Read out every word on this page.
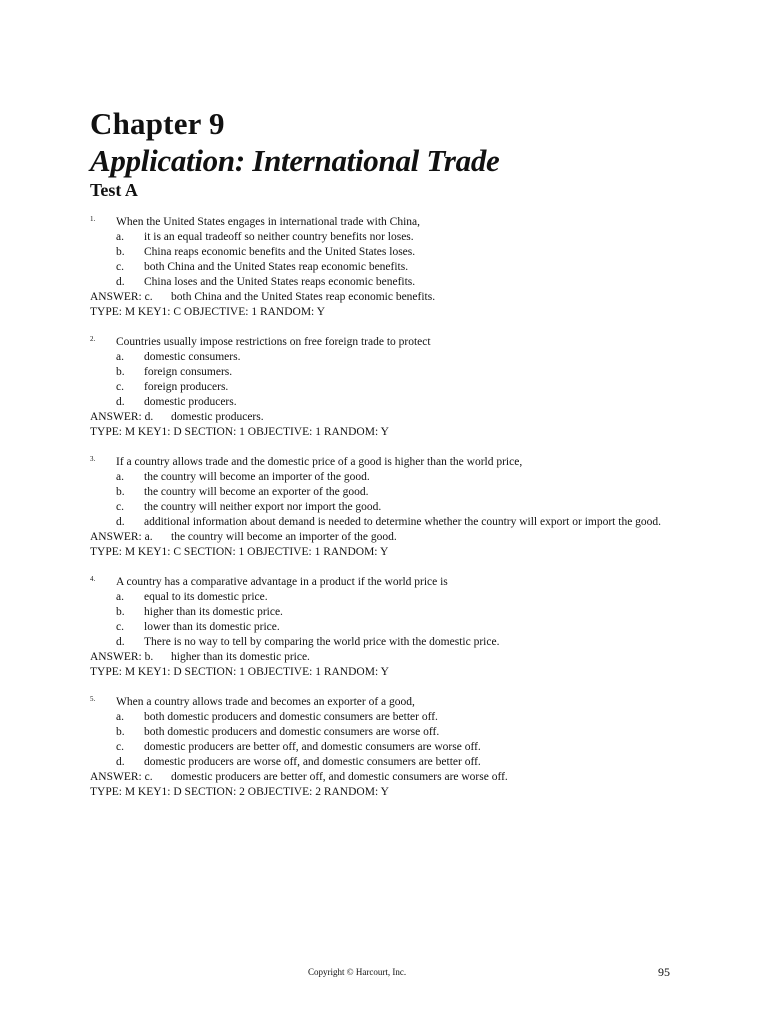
Chapter 9
Application: International Trade
Test A
1. When the United States engages in international trade with China,
a. it is an equal tradeoff so neither country benefits nor loses.
b. China reaps economic benefits and the United States loses.
c. both China and the United States reap economic benefits.
d. China loses and the United States reaps economic benefits.
ANSWER: c. both China and the United States reap economic benefits.
TYPE: M KEY1: C OBJECTIVE: 1 RANDOM: Y
2. Countries usually impose restrictions on free foreign trade to protect
a. domestic consumers.
b. foreign consumers.
c. foreign producers.
d. domestic producers.
ANSWER: d. domestic producers.
TYPE: M KEY1: D SECTION: 1 OBJECTIVE: 1 RANDOM: Y
3. If a country allows trade and the domestic price of a good is higher than the world price,
a. the country will become an importer of the good.
b. the country will become an exporter of the good.
c. the country will neither export nor import the good.
d. additional information about demand is needed to determine whether the country will export or import the good.
ANSWER: a. the country will become an importer of the good.
TYPE: M KEY1: C SECTION: 1 OBJECTIVE: 1 RANDOM: Y
4. A country has a comparative advantage in a product if the world price is
a. equal to its domestic price.
b. higher than its domestic price.
c. lower than its domestic price.
d. There is no way to tell by comparing the world price with the domestic price.
ANSWER: b. higher than its domestic price.
TYPE: M KEY1: D SECTION: 1 OBJECTIVE: 1 RANDOM: Y
5. When a country allows trade and becomes an exporter of a good,
a. both domestic producers and domestic consumers are better off.
b. both domestic producers and domestic consumers are worse off.
c. domestic producers are better off, and domestic consumers are worse off.
d. domestic producers are worse off, and domestic consumers are better off.
ANSWER: c. domestic producers are better off, and domestic consumers are worse off.
TYPE: M KEY1: D SECTION: 2 OBJECTIVE: 2 RANDOM: Y
Copyright © Harcourt, Inc.	95
